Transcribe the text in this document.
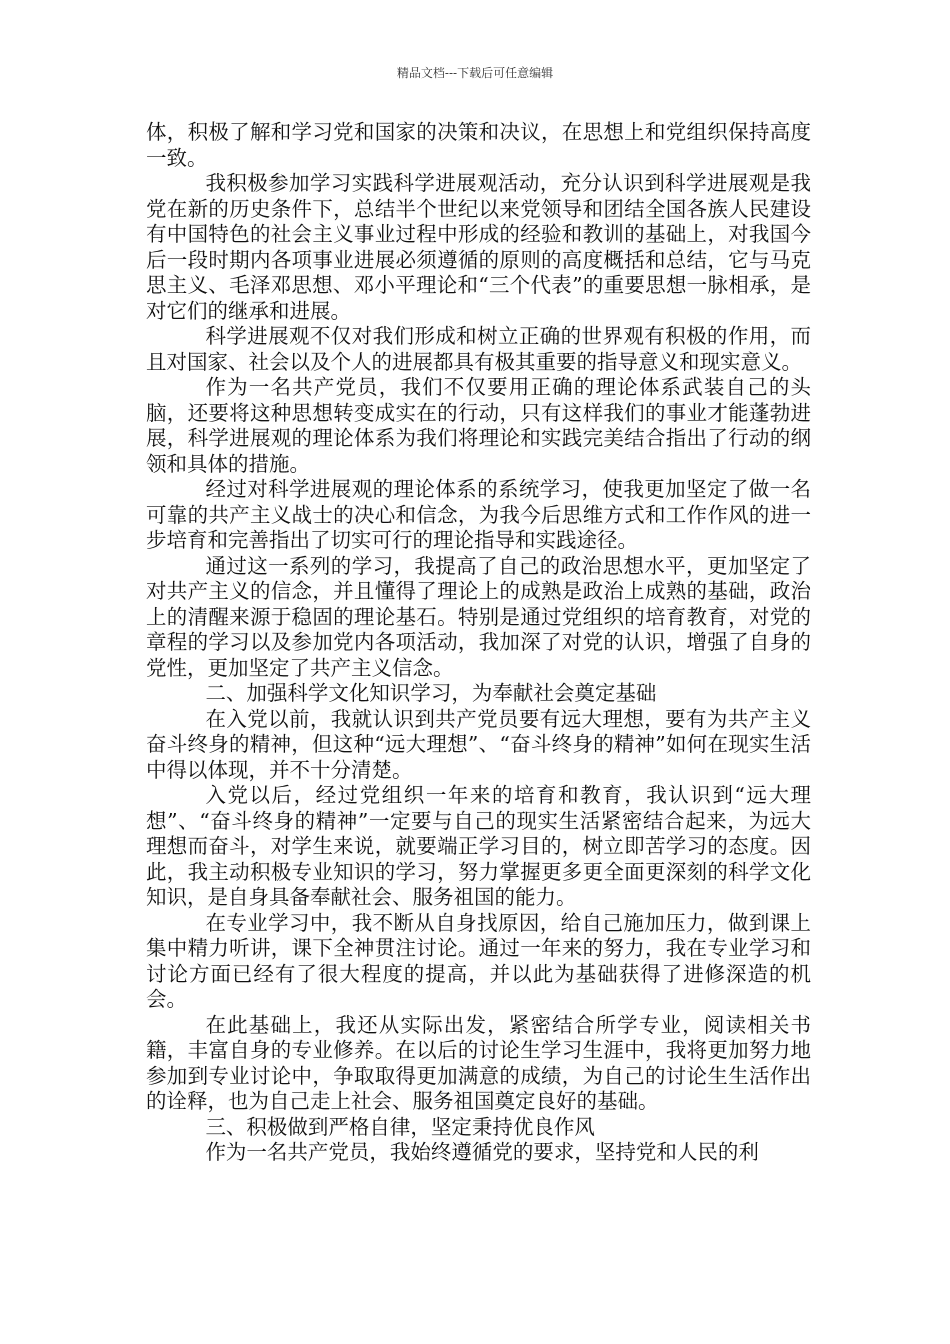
精品文档---下载后可任意编辑

体，积极了解和学习党和国家的决策和决议，在思想上和党组织保持高度一致。

我积极参加学习实践科学进展观活动，充分认识到科学进展观是我党在新的历史条件下，总结半个世纪以来党领导和团结全国各族人民建设有中国特色的社会主义事业过程中形成的经验和教训的基础上，对我国今后一段时期内各项事业进展必须遵循的原则的高度概括和总结，它与马克思主义、毛泽邓思想、邓小平理论和“三个代表”的重要思想一脉相承，是对它们的继承和进展。

科学进展观不仅对我们形成和树立正确的世界观有积极的作用，而且对国家、社会以及个人的进展都具有极其重要的指导意义和现实意义。

作为一名共产党员，我们不仅要用正确的理论体系武装自己的头脑，还要将这种思想转变成实在的行动，只有这样我们的事业才能蓬勃进展，科学进展观的理论体系为我们将理论和实践完美结合指出了行动的纲领和具体的措施。

经过对科学进展观的理论体系的系统学习，使我更加坚定了做一名可靠的共产主义战士的决心和信念，为我今后思维方式和工作作风的进一步培育和完善指出了切实可行的理论指导和实践途径。

通过这一系列的学习，我提高了自己的政治思想水平，更加坚定了对共产主义的信念，并且懂得了理论上的成熟是政治上成熟的基础，政治上的清醒来源于稳固的理论基石。特别是通过党组织的培育教育，对党的章程的学习以及参加党内各项活动，我加深了对党的认识，增强了自身的党性，更加坚定了共产主义信念。

二、加强科学文化知识学习，为奉献社会奠定基础

在入党以前，我就认识到共产党员要有远大理想，要有为共产主义奋斗终身的精神，但这种“远大理想”、“奋斗终身的精神”如何在现实生活中得以体现，并不十分清楚。

入党以后，经过党组织一年来的培育和教育，我认识到“远大理想”、“奋斗终身的精神”一定要与自己的现实生活紧密结合起来，为远大理想而奋斗，对学生来说，就要端正学习目的，树立即苦学习的态度。因此，我主动积极专业知识的学习，努力掌握更多更全面更深刻的科学文化知识，是自身具备奉献社会、服务祖国的能力。

在专业学习中，我不断从自身找原因，给自己施加压力，做到课上集中精力听讲，课下全神贯注讨论。通过一年来的努力，我在专业学习和讨论方面已经有了很大程度的提高，并以此为基础获得了进修深造的机会。

在此基础上，我还从实际出发，紧密结合所学专业，阅读相关书籍，丰富自身的专业修养。在以后的讨论生学习生涯中，我将更加努力地参加到专业讨论中，争取取得更加满意的成绩，为自己的讨论生生活作出的诠释，也为自己走上社会、服务祖国奠定良好的基础。

三、积极做到严格自律，坚定秉持优良作风

作为一名共产党员，我始终遵循党的要求，坚持党和人民的利
